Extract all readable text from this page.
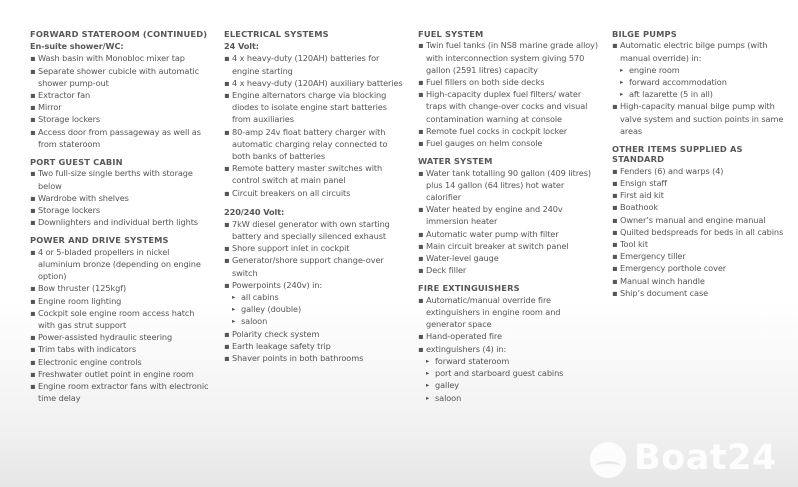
FORWARD STATEROOM (CONTINUED)
En-suite shower/WC:
▪ Wash basin with Monobloc mixer tap
▪ Separate shower cubicle with automatic shower pump-out
▪ Extractor fan
▪ Mirror
▪ Storage lockers
▪ Access door from passageway as well as from stateroom
PORT GUEST CABIN
▪ Two full-size single berths with storage below
▪ Wardrobe with shelves
▪ Storage lockers
▪ Downlighters and individual berth lights
POWER AND DRIVE SYSTEMS
▪ 4 or 5-bladed propellers in nickel aluminium bronze (depending on engine option)
▪ Bow thruster (125kgf)
▪ Engine room lighting
▪ Cockpit sole engine room access hatch with gas strut support
▪ Power-assisted hydraulic steering
▪ Trim tabs with indicators
▪ Electronic engine controls
▪ Freshwater outlet point in engine room
▪ Engine room extractor fans with electronic time delay
ELECTRICAL SYSTEMS
24 Volt:
▪ 4 x heavy-duty (120AH) batteries for engine starting
▪ 4 x heavy-duty (120AH) auxiliary batteries
▪ Engine alternators charge via blocking diodes to isolate engine start batteries from auxiliaries
▪ 80-amp 24v float battery charger with automatic charging relay connected to both banks of batteries
▪ Remote battery master switches with control switch at main panel
▪ Circuit breakers on all circuits
220/240 Volt:
▪ 7kW diesel generator with own starting battery and specially silenced exhaust
▪ Shore support inlet in cockpit
▪ Generator/shore support change-over switch
▪ Powerpoints (240v) in:
▸ all cabins
▸ galley (double)
▸ saloon
▪ Polarity check system
▪ Earth leakage safety trip
▪ Shaver points in both bathrooms
FUEL SYSTEM
▪ Twin fuel tanks (in NS8 marine grade alloy) with interconnection system giving 570 gallon (2591 litres) capacity
▪ Fuel fillers on both side decks
▪ High-capacity duplex fuel filters/ water traps with change-over cocks and visual contamination warning at console
▪ Remote fuel cocks in cockpit locker
▪ Fuel gauges on helm console
WATER SYSTEM
▪ Water tank totalling 90 gallon (409 litres) plus 14 gallon (64 litres) hot water calorifier
▪ Water heated by engine and 240v immersion heater
▪ Automatic water pump with filter
▪ Main circuit breaker at switch panel
▪ Water-level gauge
▪ Deck filler
FIRE EXTINGUISHERS
▪ Automatic/manual override fire extinguishers in engine room and generator space
▪ Hand-operated fire
▪ extinguishers (4) in:
▸ forward stateroom
▸ port and starboard guest cabins
▸ galley
▸ saloon
BILGE PUMPS
▪ Automatic electric bilge pumps (with manual override) in:
▸ engine room
▸ forward accommodation
▸ aft lazarette (5 in all)
▪ High-capacity manual bilge pump with valve system and suction points in same areas
OTHER ITEMS SUPPLIED AS STANDARD
▪ Fenders (6) and warps (4)
▪ Ensign staff
▪ First aid kit
▪ Boathook
▪ Owner’s manual and engine manual
▪ Quilted bedspreads for beds in all cabins
▪ Tool kit
▪ Emergency tiller
▪ Emergency porthole cover
▪ Manual winch handle
▪ Ship’s document case
Boat24
